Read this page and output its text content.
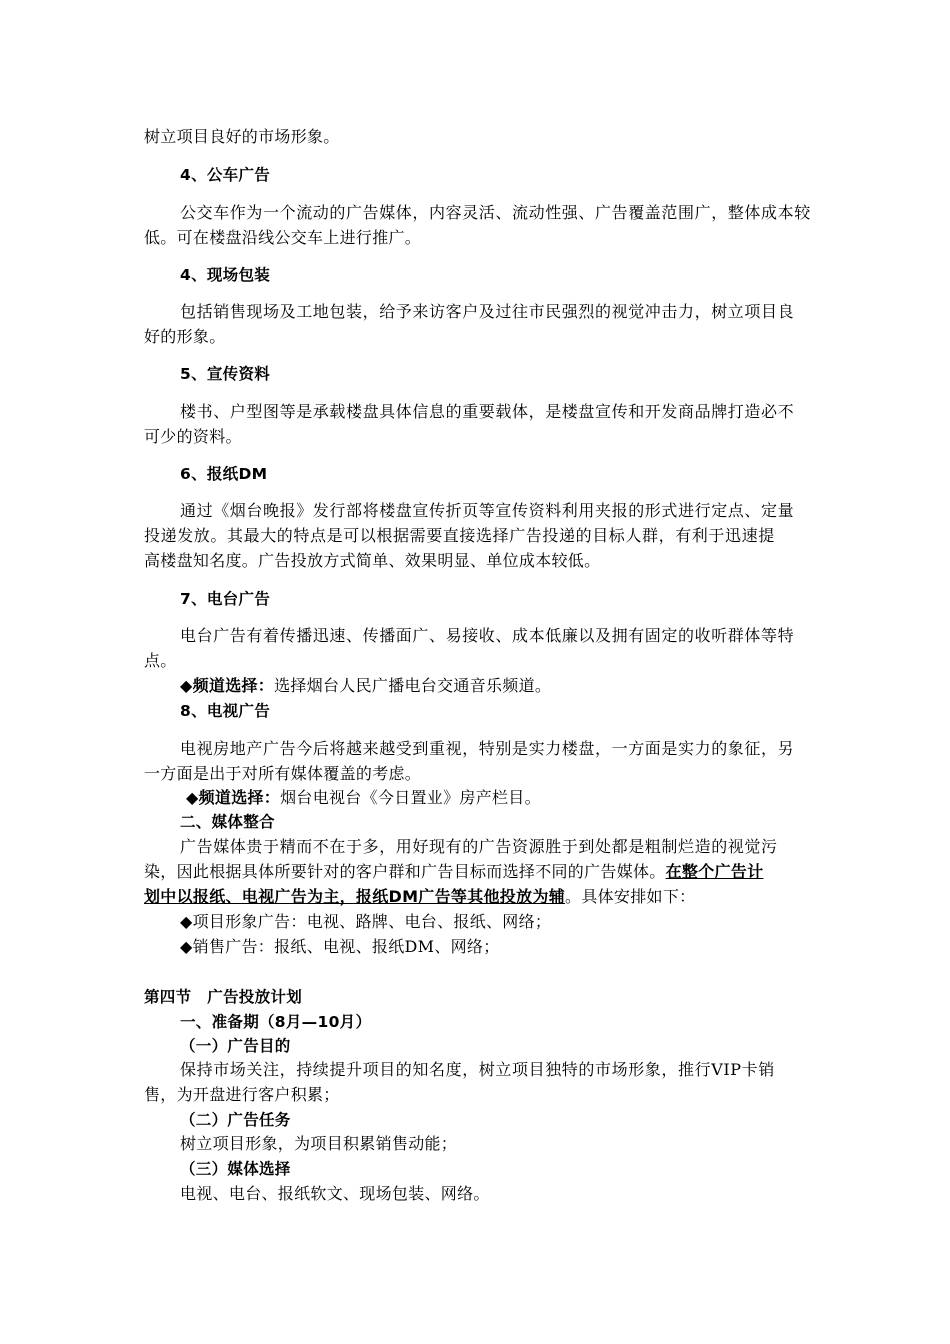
树立项目良好的市场形象。
4、公车广告
公交车作为一个流动的广告媒体，内容灵活、流动性强、广告覆盖范围广，整体成本较
低。可在楼盘沿线公交车上进行推广。
4、现场包装
包括销售现场及工地包装，给予来访客户及过往市民强烈的视觉冲击力，树立项目良
好的形象。
5、宣传资料
楼书、户型图等是承载楼盘具体信息的重要载体，是楼盘宣传和开发商品牌打造必不
可少的资料。
6、报纸DM
通过《烟台晚报》发行部将楼盘宣传折页等宣传资料利用夹报的形式进行定点、定量
投递发放。其最大的特点是可以根据需要直接选择广告投递的目标人群，有利于迅速提
高楼盘知名度。广告投放方式简单、效果明显、单位成本较低。
7、电台广告
电台广告有着传播迅速、传播面广、易接收、成本低廉以及拥有固定的收听群体等特
点。
◆频道选择：选择烟台人民广播电台交通音乐频道。
8、电视广告
电视房地产广告今后将越来越受到重视，特别是实力楼盘，一方面是实力的象征，另
一方面是出于对所有媒体覆盖的考虑。
◆频道选择：烟台电视台《今日置业》房产栏目。
二、媒体整合
广告媒体贵于精而不在于多，用好现有的广告资源胜于到处都是粗制烂造的视觉污
染，因此根据具体所要针对的客户群和广告目标而选择不同的广告媒体。在整个广告计
划中以报纸、电视广告为主，报纸DM广告等其他投放为辅。具体安排如下：
◆项目形象广告：电视、路牌、电台、报纸、网络；
◆销售广告：报纸、电视、报纸DM、网络；
第四节　广告投放计划
一、准备期（8月—10月）
（一）广告目的
保持市场关注，持续提升项目的知名度，树立项目独特的市场形象，推行VIP卡销
售，为开盘进行客户积累；
（二）广告任务
树立项目形象，为项目积累销售动能；
（三）媒体选择
电视、电台、报纸软文、现场包装、网络。
